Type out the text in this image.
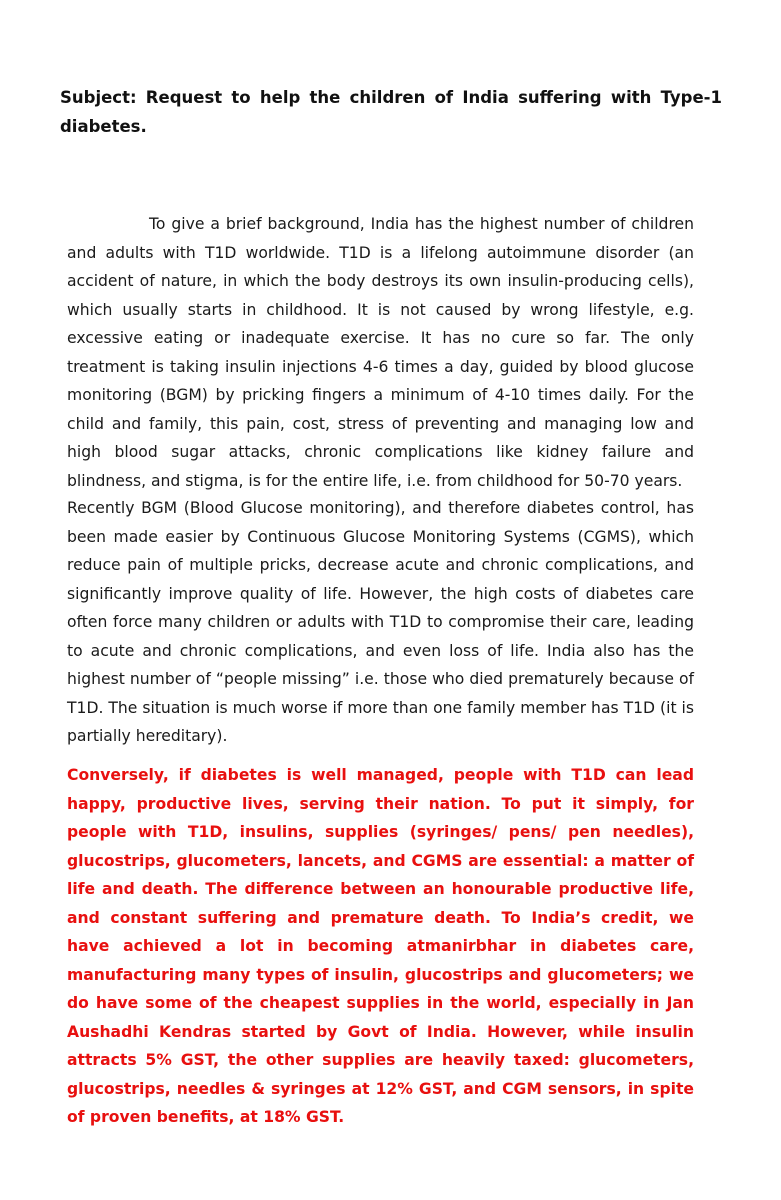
Subject: Request to help the children of India suffering with Type-1 diabetes.

To give a brief background, India has the highest number of children and adults with T1D worldwide. T1D is a lifelong autoimmune disorder (an accident of nature, in which the body destroys its own insulin-producing cells), which usually starts in childhood. It is not caused by wrong lifestyle, e.g. excessive eating or inadequate exercise. It has no cure so far. The only treatment is taking insulin injections 4-6 times a day, guided by blood glucose monitoring (BGM) by pricking fingers a minimum of 4-10 times daily. For the child and family, this pain, cost, stress of preventing and managing low and high blood sugar attacks, chronic complications like kidney failure and blindness, and stigma, is for the entire life, i.e. from childhood for 50-70 years.

Recently BGM (Blood Glucose monitoring), and therefore diabetes control, has been made easier by Continuous Glucose Monitoring Systems (CGMS), which reduce pain of multiple pricks, decrease acute and chronic complications, and significantly improve quality of life. However, the high costs of diabetes care often force many children or adults with T1D to compromise their care, leading to acute and chronic complications, and even loss of life. India also has the highest number of “people missing” i.e. those who died prematurely because of T1D. The situation is much worse if more than one family member has T1D (it is partially hereditary).

Conversely, if diabetes is well managed, people with T1D can lead happy, productive lives, serving their nation. To put it simply, for people with T1D, insulins, supplies (syringes/ pens/ pen needles), glucostrips, glucometers, lancets, and CGMS are essential: a matter of life and death. The difference between an honourable productive life, and constant suffering and premature death. To India’s credit, we have achieved a lot in becoming atmanirbhar in diabetes care, manufacturing many types of insulin, glucostrips and glucometers; we do have some of the cheapest supplies in the world, especially in Jan Aushadhi Kendras started by Govt of India. However, while insulin attracts 5% GST, the other supplies are heavily taxed: glucometers, glucostrips, needles & syringes at 12% GST, and CGM sensors, in spite of proven benefits, at 18% GST.
